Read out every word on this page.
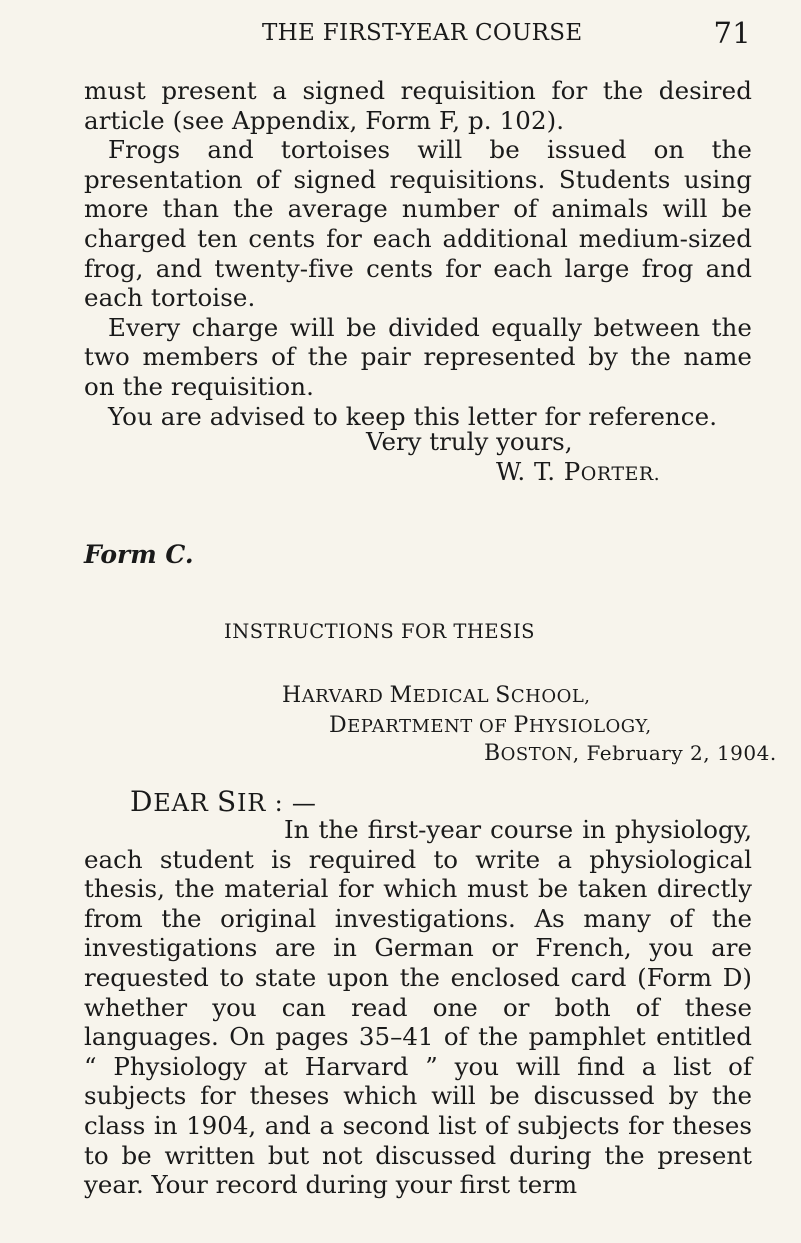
THE FIRST-YEAR COURSE	71

must present a signed requisition for the desired article (see Appendix, Form F, p. 102).

Frogs and tortoises will be issued on the presentation of signed requisitions. Students using more than the average number of animals will be charged ten cents for each additional medium-sized frog, and twenty-five cents for each large frog and each tortoise.

Every charge will be divided equally between the two members of the pair represented by the name on the requisition.

You are advised to keep this letter for reference.

Very truly yours,
W. T. PORTER.
Form C.
INSTRUCTIONS FOR THESIS
HARVARD MEDICAL SCHOOL,
DEPARTMENT OF PHYSIOLOGY,
BOSTON, February 2, 1904.
DEAR SIR : —
In the first-year course in physiology, each student is required to write a physiological thesis, the material for which must be taken directly from the original investigations. As many of the investigations are in German or French, you are requested to state upon the enclosed card (Form D) whether you can read one or both of these languages. On pages 35–41 of the pamphlet entitled “ Physiology at Harvard ” you will find a list of subjects for theses which will be discussed by the class in 1904, and a second list of subjects for theses to be written but not discussed during the present year. Your record during your first term
